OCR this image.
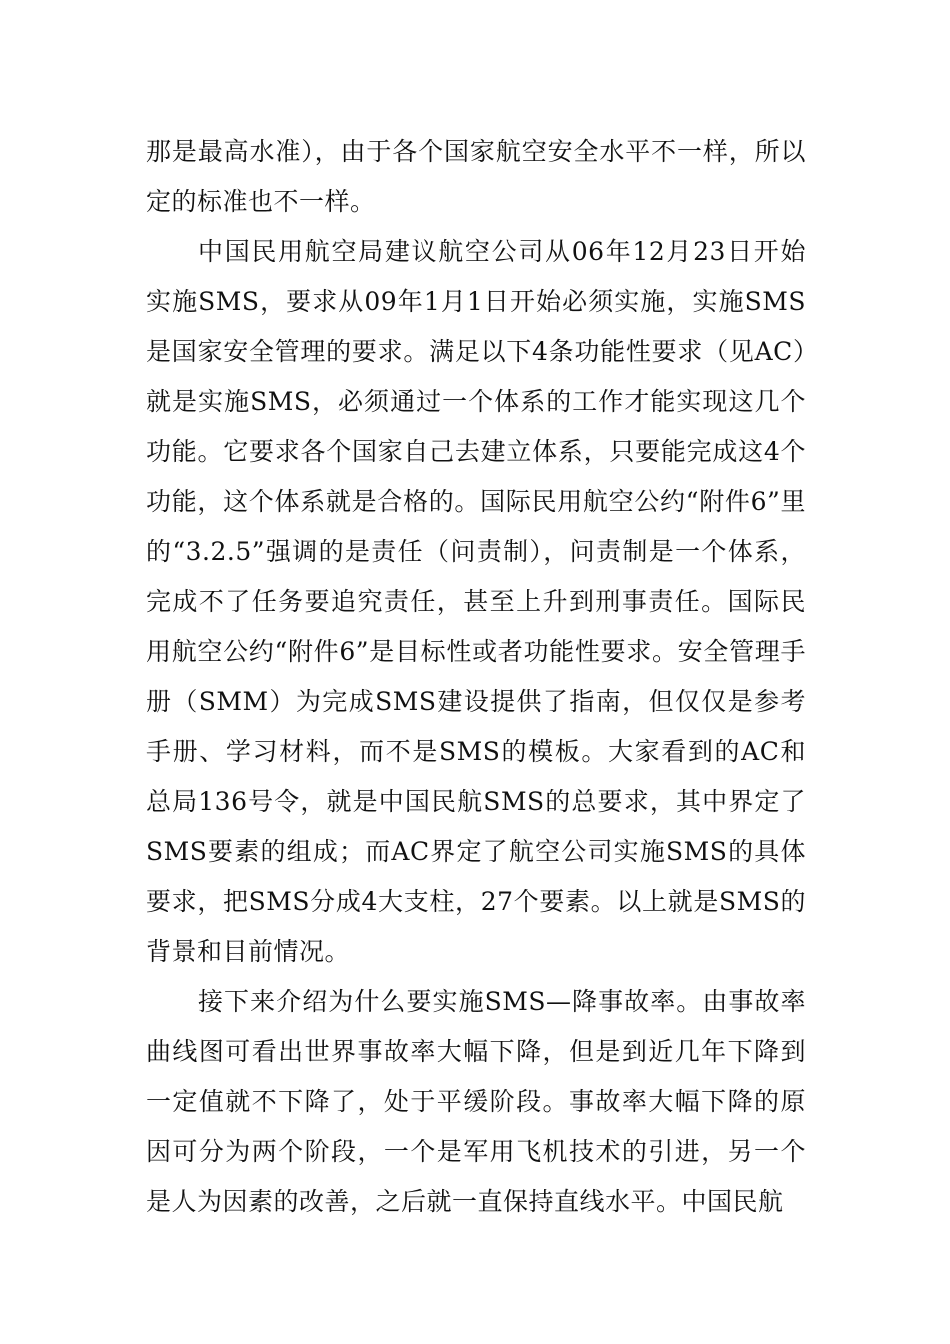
那是最高水准），由于各个国家航空安全水平不一样，所以定的标准也不一样。

中国民用航空局建议航空公司从06年12月23日开始实施SMS，要求从09年1月1日开始必须实施，实施SMS是国家安全管理的要求。满足以下4条功能性要求（见AC）就是实施SMS，必须通过一个体系的工作才能实现这几个功能。它要求各个国家自己去建立体系，只要能完成这4个功能，这个体系就是合格的。国际民用航空公约“附件6”里的“3.2.5”强调的是责任（问责制），问责制是一个体系，完成不了任务要追究责任，甚至上升到刑事责任。国际民用航空公约“附件6”是目标性或者功能性要求。安全管理手册（SMM）为完成SMS建设提供了指南，但仅仅是参考手册、学习材料，而不是SMS的模板。大家看到的AC和总局136号令，就是中国民航SMS的总要求，其中界定了SMS要素的组成；而AC界定了航空公司实施SMS的具体要求，把SMS分成4大支柱，27个要素。以上就是SMS的背景和目前情况。

接下来介绍为什么要实施SMS—降事故率。由事故率曲线图可看出世界事故率大幅下降，但是到近几年下降到一定值就不下降了，处于平缓阶段。事故率大幅下降的原因可分为两个阶段，一个是军用飞机技术的引进，另一个是人为因素的改善，之后就一直保持直线水平。中国民航
